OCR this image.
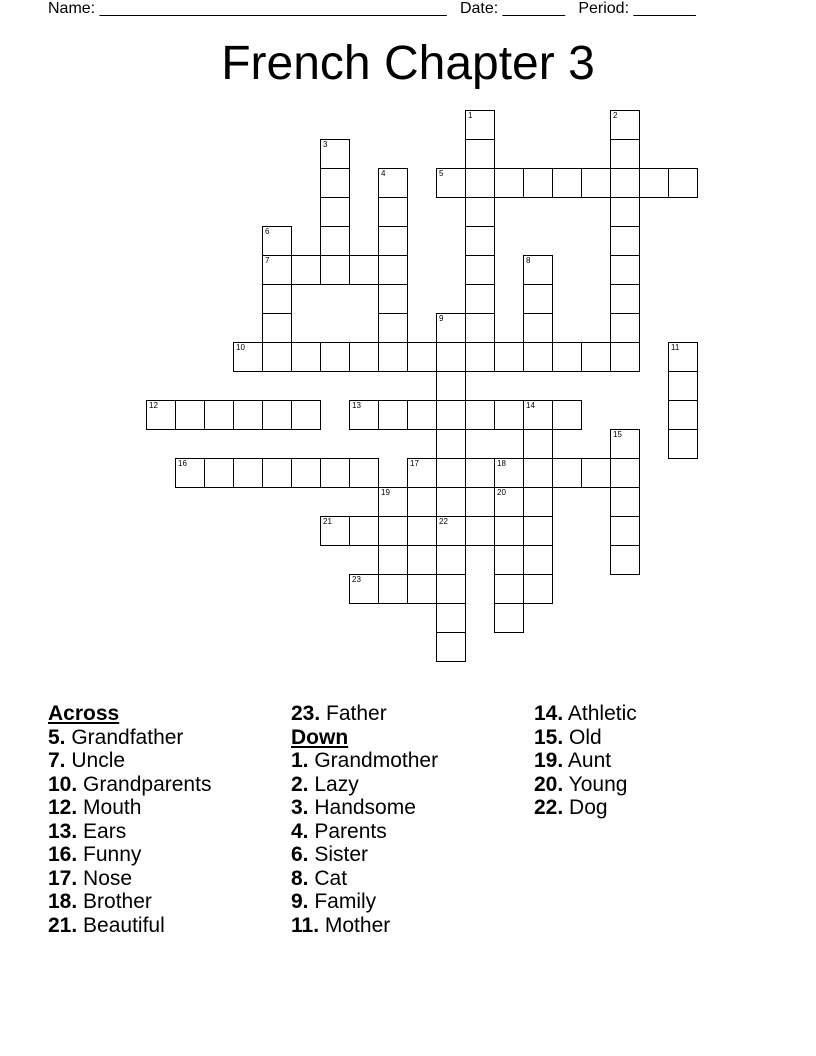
Name: _______________________________________ Date: _______ Period: _______
French Chapter 3
1	2
3
4	5
6
7	8
9
10	11
12	13	14
15
16	17	18
19	20
21	22
23
Across
5. Grandfather
7. Uncle
10. Grandparents
12. Mouth
13. Ears
16. Funny
17. Nose
18. Brother
21. Beautiful
23. Father
Down
1. Grandmother
2. Lazy
3. Handsome
4. Parents
6. Sister
8. Cat
9. Family
11. Mother
14. Athletic
15. Old
19. Aunt
20. Young
22. Dog
